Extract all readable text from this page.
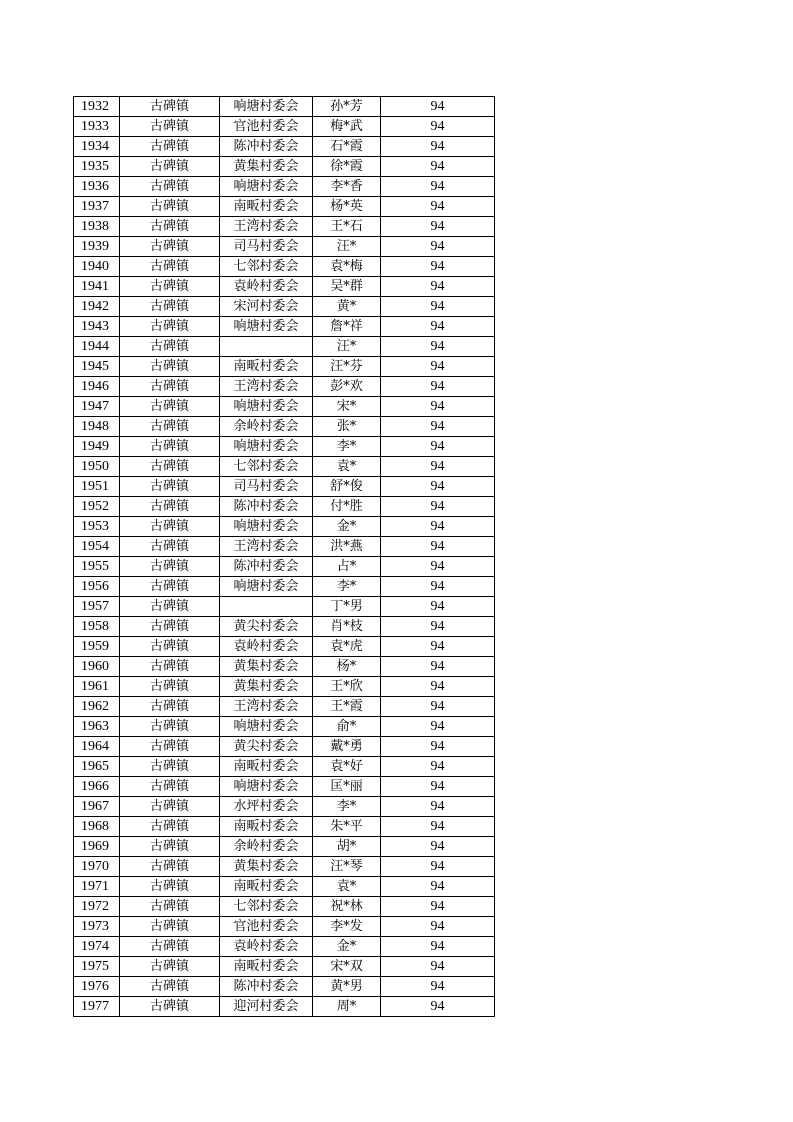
1932	古碑镇	响塘村委会	孙*芳	94
1933	古碑镇	官池村委会	梅*武	94
1934	古碑镇	陈冲村委会	石*霞	94
1935	古碑镇	黄集村委会	徐*霞	94
1936	古碑镇	响塘村委会	李*香	94
1937	古碑镇	南畈村委会	杨*英	94
1938	古碑镇	王湾村委会	王*石	94
1939	古碑镇	司马村委会	汪*	94
1940	古碑镇	七邻村委会	袁*梅	94
1941	古碑镇	袁岭村委会	吴*群	94
1942	古碑镇	宋河村委会	黄*	94
1943	古碑镇	响塘村委会	詹*祥	94
1944	古碑镇		汪*	94
1945	古碑镇	南畈村委会	汪*芬	94
1946	古碑镇	王湾村委会	彭*欢	94
1947	古碑镇	响塘村委会	宋*	94
1948	古碑镇	余岭村委会	张*	94
1949	古碑镇	响塘村委会	李*	94
1950	古碑镇	七邻村委会	袁*	94
1951	古碑镇	司马村委会	舒*俊	94
1952	古碑镇	陈冲村委会	付*胜	94
1953	古碑镇	响塘村委会	金*	94
1954	古碑镇	王湾村委会	洪*燕	94
1955	古碑镇	陈冲村委会	占*	94
1956	古碑镇	响塘村委会	李*	94
1957	古碑镇		丁*男	94
1958	古碑镇	黄尖村委会	肖*枝	94
1959	古碑镇	袁岭村委会	袁*虎	94
1960	古碑镇	黄集村委会	杨*	94
1961	古碑镇	黄集村委会	王*欣	94
1962	古碑镇	王湾村委会	王*霞	94
1963	古碑镇	响塘村委会	俞*	94
1964	古碑镇	黄尖村委会	戴*勇	94
1965	古碑镇	南畈村委会	袁*好	94
1966	古碑镇	响塘村委会	匡*丽	94
1967	古碑镇	水坪村委会	李*	94
1968	古碑镇	南畈村委会	朱*平	94
1969	古碑镇	余岭村委会	胡*	94
1970	古碑镇	黄集村委会	汪*琴	94
1971	古碑镇	南畈村委会	袁*	94
1972	古碑镇	七邻村委会	祝*林	94
1973	古碑镇	官池村委会	李*发	94
1974	古碑镇	袁岭村委会	金*	94
1975	古碑镇	南畈村委会	宋*双	94
1976	古碑镇	陈冲村委会	黄*男	94
1977	古碑镇	迎河村委会	周*	94
